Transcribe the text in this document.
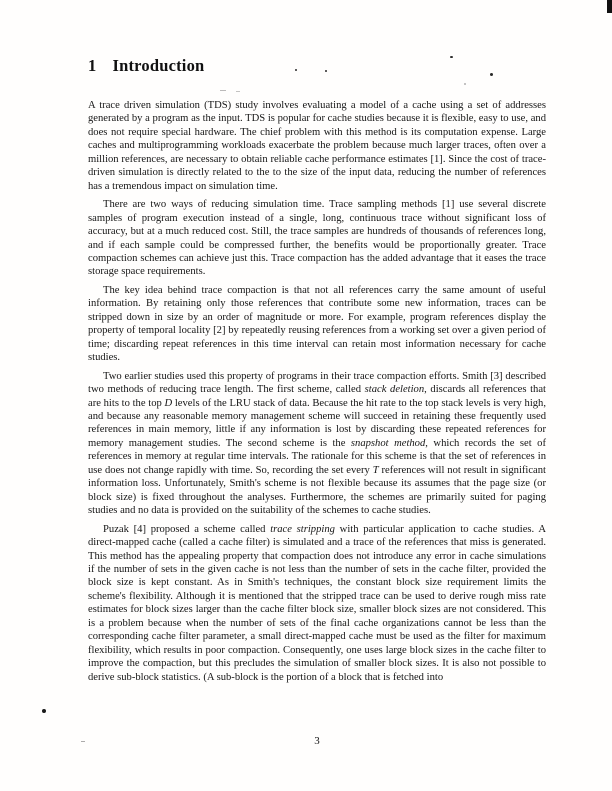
1 Introduction

A trace driven simulation (TDS) study involves evaluating a model of a cache using a set of addresses generated by a program as the input. TDS is popular for cache studies because it is flexible, easy to use, and does not require special hardware. The chief problem with this method is its computation expense. Large caches and multiprogramming workloads exacerbate the problem because much larger traces, often over a million references, are necessary to obtain reliable cache performance estimates [1]. Since the cost of trace-driven simulation is directly related to the to the size of the input data, reducing the number of references has a tremendous impact on simulation time.

There are two ways of reducing simulation time. Trace sampling methods [1] use several discrete samples of program execution instead of a single, long, continuous trace without significant loss of accuracy, but at a much reduced cost. Still, the trace samples are hundreds of thousands of references long, and if each sample could be compressed further, the benefits would be proportionally greater. Trace compaction schemes can achieve just this. Trace compaction has the added advantage that it eases the trace storage space requirements.

The key idea behind trace compaction is that not all references carry the same amount of useful information. By retaining only those references that contribute some new information, traces can be stripped down in size by an order of magnitude or more. For example, program references display the property of temporal locality [2] by repeatedly reusing references from a working set over a given period of time; discarding repeat references in this time interval can retain most information necessary for cache studies.

Two earlier studies used this property of programs in their trace compaction efforts. Smith [3] described two methods of reducing trace length. The first scheme, called stack deletion, discards all references that are hits to the top D levels of the LRU stack of data. Because the hit rate to the top stack levels is very high, and because any reasonable memory management scheme will succeed in retaining these frequently used references in main memory, little if any information is lost by discarding these repeated references for memory management studies. The second scheme is the snapshot method, which records the set of references in memory at regular time intervals. The rationale for this scheme is that the set of references in use does not change rapidly with time. So, recording the set every T references will not result in significant information loss. Unfortunately, Smith's scheme is not flexible because its assumes that the page size (or block size) is fixed throughout the analyses. Furthermore, the schemes are primarily suited for paging studies and no data is provided on the suitability of the schemes to cache studies.

Puzak [4] proposed a scheme called trace stripping with particular application to cache studies. A direct-mapped cache (called a cache filter) is simulated and a trace of the references that miss is generated. This method has the appealing property that compaction does not introduce any error in cache simulations if the number of sets in the given cache is not less than the number of sets in the cache filter, provided the block size is kept constant. As in Smith's techniques, the constant block size requirement limits the scheme's flexibility. Although it is mentioned that the stripped trace can be used to derive rough miss rate estimates for block sizes larger than the cache filter block size, smaller block sizes are not considered. This is a problem because when the number of sets of the final cache organizations cannot be less than the corresponding cache filter parameter, a small direct-mapped cache must be used as the filter for maximum flexibility, which results in poor compaction. Consequently, one uses large block sizes in the cache filter to improve the compaction, but this precludes the simulation of smaller block sizes. It is also not possible to derive sub-block statistics. (A sub-block is the portion of a block that is fetched into

3
